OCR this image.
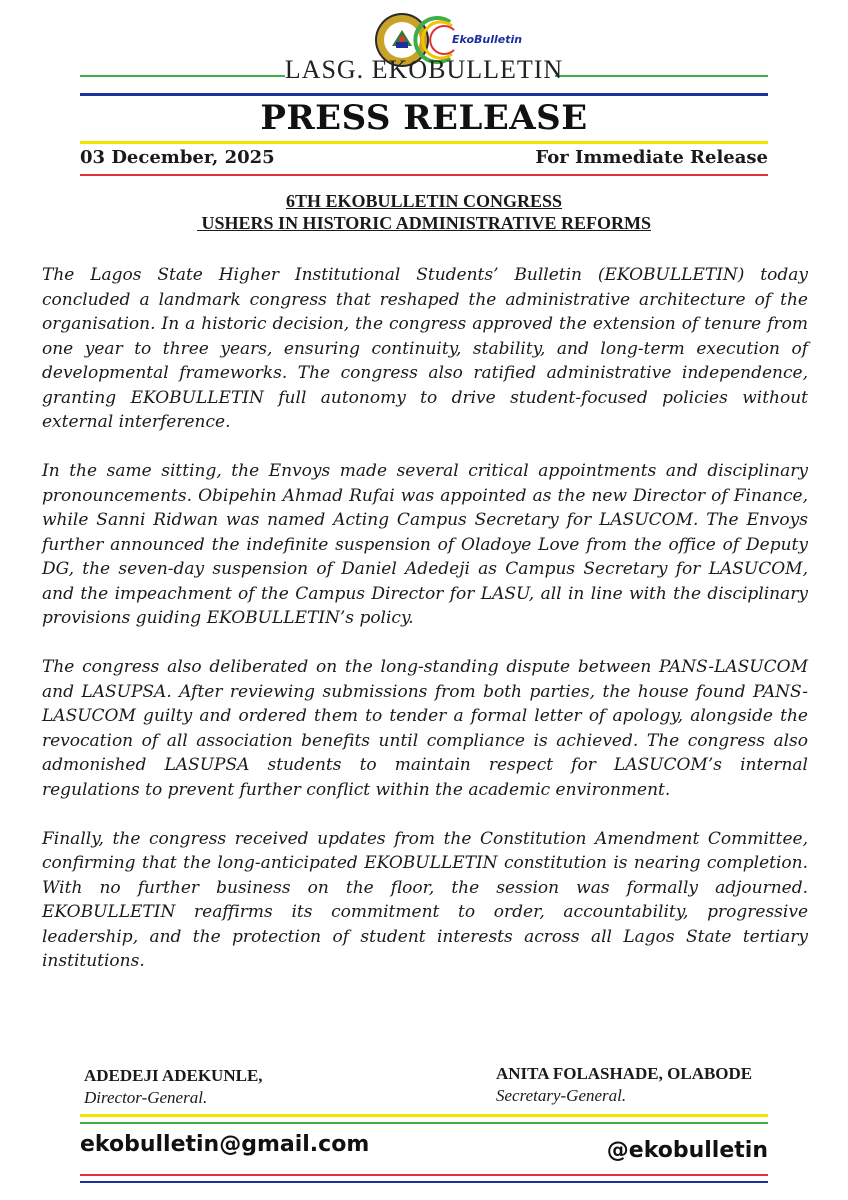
EkoBulletin
LASG. EKOBULLETIN
PRESS RELEASE
03 December, 2025	For Immediate Release
6TH EKOBULLETIN CONGRESS
USHERS IN HISTORIC ADMINISTRATIVE REFORMS

The Lagos State Higher Institutional Students’ Bulletin (EKOBULLETIN) today concluded a landmark congress that reshaped the administrative architecture of the organisation. In a historic decision, the congress approved the extension of tenure from one year to three years, ensuring continuity, stability, and long-term execution of developmental frameworks. The congress also ratified administrative independence, granting EKOBULLETIN full autonomy to drive student-focused policies without external interference.

In the same sitting, the Envoys made several critical appointments and disciplinary pronouncements. Obipehin Ahmad Rufai was appointed as the new Director of Finance, while Sanni Ridwan was named Acting Campus Secretary for LASUCOM. The Envoys further announced the indefinite suspension of Oladoye Love from the office of Deputy DG, the seven-day suspension of Daniel Adedeji as Campus Secretary for LASUCOM, and the impeachment of the Campus Director for LASU, all in line with the disciplinary provisions guiding EKOBULLETIN’s policy.

The congress also deliberated on the long-standing dispute between PANS-LASUCOM and LASUPSA. After reviewing submissions from both parties, the house found PANS-LASUCOM guilty and ordered them to tender a formal letter of apology, alongside the revocation of all association benefits until compliance is achieved. The congress also admonished LASUPSA students to maintain respect for LASUCOM’s internal regulations to prevent further conflict within the academic environment.

Finally, the congress received updates from the Constitution Amendment Committee, confirming that the long-anticipated EKOBULLETIN constitution is nearing completion. With no further business on the floor, the session was formally adjourned. EKOBULLETIN reaffirms its commitment to order, accountability, progressive leadership, and the protection of student interests across all Lagos State tertiary institutions.

ADEDEJI ADEKUNLE,
Director-General.
ANITA FOLASHADE, OLABODE
Secretary-General.
ekobulletin@gmail.com	@ekobulletin
